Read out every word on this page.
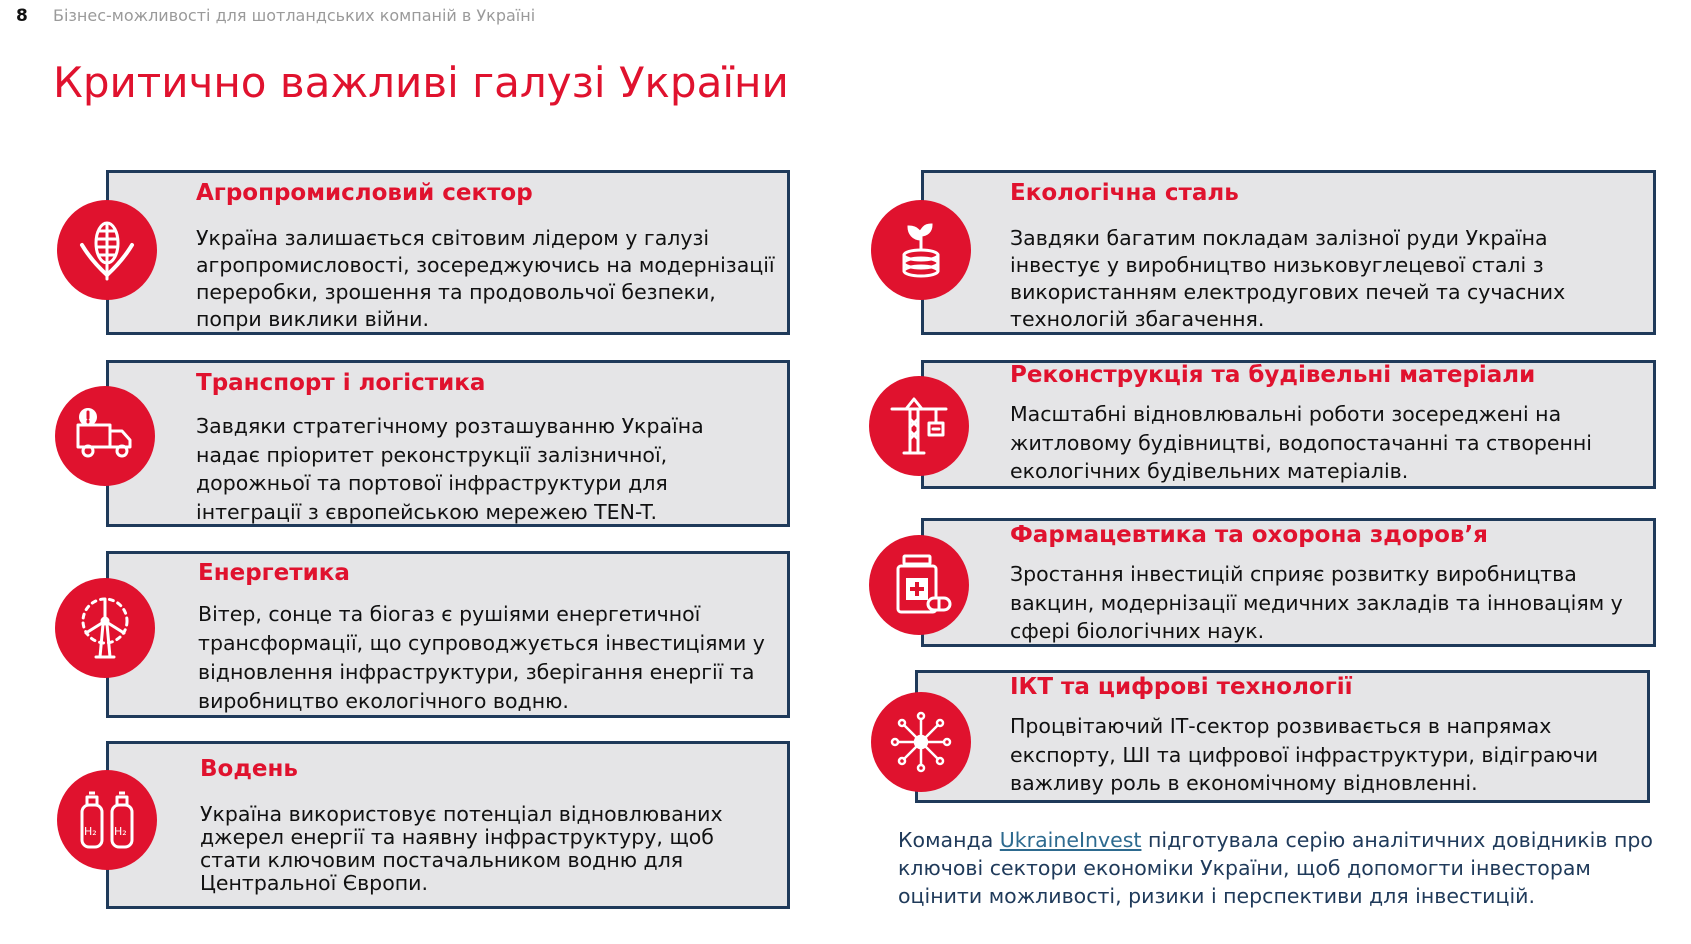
8 Бізнес-можливості для шотландських компаній в Україні
Критично важливі галузі України
Агропромисловий сектор
Україна залишається світовим лідером у галузі агропромисловості, зосереджуючись на модернізації переробки, зрошення та продовольчої безпеки, попри виклики війни.
Транспорт і логістика
Завдяки стратегічному розташуванню Україна надає пріоритет реконструкції залізничної, дорожньої та портової інфраструктури для інтеграції з європейською мережею TEN-T.
Енергетика
Вітер, сонце та біогаз є рушіями енергетичної трансформації, що супроводжується інвестиціями у відновлення інфраструктури, зберігання енергії та виробництво екологічного водню.
Водень
Україна використовує потенціал відновлюваних джерел енергії та наявну інфраструктуру, щоб стати ключовим постачальником водню для Центральної Європи.
H₂ H₂
Екологічна сталь
Завдяки багатим покладам залізної руди Україна інвестує у виробництво низьковуглецевої сталі з використанням електродугових печей та сучасних технологій збагачення.
Реконструкція та будівельні матеріали
Масштабні відновлювальні роботи зосереджені на житловому будівництві, водопостачанні та створенні екологічних будівельних матеріалів.
Фармацевтика та охорона здоров’я
Зростання інвестицій сприяє розвитку виробництва вакцин, модернізації медичних закладів та інноваціям у сфері біологічних наук.
ІКТ та цифрові технології
Процвітаючий ІТ-сектор розвивається в напрямах експорту, ШІ та цифрової інфраструктури, відіграючи важливу роль в економічному відновленні.
Команда UkraineInvest підготувала серію аналітичних довідників про ключові сектори економіки України, щоб допомогти інвесторам оцінити можливості, ризики і перспективи для інвестицій.
